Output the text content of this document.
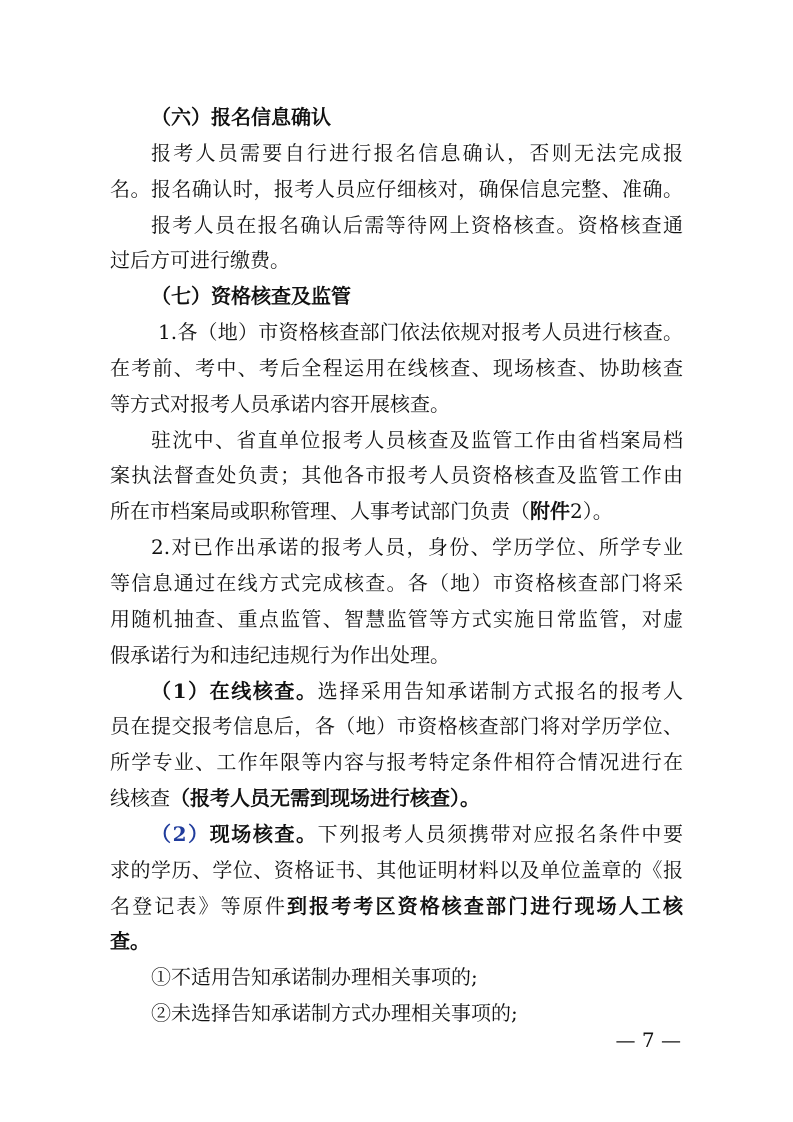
（六）报名信息确认
报考人员需要自行进行报名信息确认，否则无法完成报
名。报名确认时，报考人员应仔细核对，确保信息完整、准确。
报考人员在报名确认后需等待网上资格核查。资格核查通
过后方可进行缴费。
（七）资格核查及监管
1.各（地）市资格核查部门依法依规对报考人员进行核查。
在考前、考中、考后全程运用在线核查、现场核查、协助核查
等方式对报考人员承诺内容开展核查。
驻沈中、省直单位报考人员核查及监管工作由省档案局档
案执法督查处负责；其他各市报考人员资格核查及监管工作由
所在市档案局或职称管理、人事考试部门负责（附件2）。
2.对已作出承诺的报考人员，身份、学历学位、所学专业
等信息通过在线方式完成核查。各（地）市资格核查部门将采
用随机抽查、重点监管、智慧监管等方式实施日常监管，对虚
假承诺行为和违纪违规行为作出处理。
（1）在线核查。选择采用告知承诺制方式报名的报考人
员在提交报考信息后，各（地）市资格核查部门将对学历学位、
所学专业、工作年限等内容与报考特定条件相符合情况进行在
线核查（报考人员无需到现场进行核查）。
（2）现场核查。下列报考人员须携带对应报名条件中要
求的学历、学位、资格证书、其他证明材料以及单位盖章的《报
名登记表》等原件到报考考区资格核查部门进行现场人工核
查。
①不适用告知承诺制办理相关事项的;
②未选择告知承诺制方式办理相关事项的;
— 7 —
